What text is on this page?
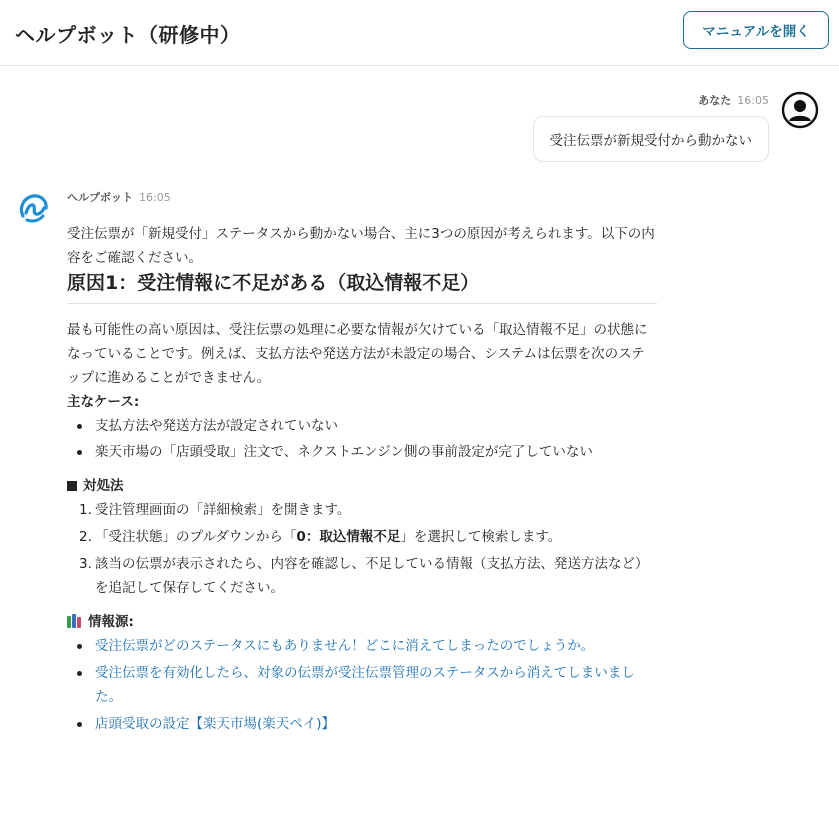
ヘルプボット（研修中）	マニュアルを開く
あなた 16:05
受注伝票が新規受付から動かない
ヘルプボット 16:05

受注伝票が「新規受付」ステータスから動かない場合、主に3つの原因が考えられます。以下の内容をご確認ください。

原因1：受注情報に不足がある（取込情報不足）

最も可能性の高い原因は、受注伝票の処理に必要な情報が欠けている「取込情報不足」の状態になっていることです。例えば、支払方法や発送方法が未設定の場合、システムは伝票を次のステップに進めることができません。

主なケース:

支払方法や発送方法が設定されていない
楽天市場の「店頭受取」注文で、ネクストエンジン側の事前設定が完了していない

対処法

1. 受注管理画面の「詳細検索」を開きます。
2. 「受注状態」のプルダウンから「0：取込情報不足」を選択して検索します。
3. 該当の伝票が表示されたら、内容を確認し、不足している情報（支払方法、発送方法など）を追記して保存してください。

情報源:

受注伝票がどのステータスにもありません！どこに消えてしまったのでしょうか。
受注伝票を有効化したら、対象の伝票が受注伝票管理のステータスから消えてしまいました。
店頭受取の設定【楽天市場(楽天ペイ)】
